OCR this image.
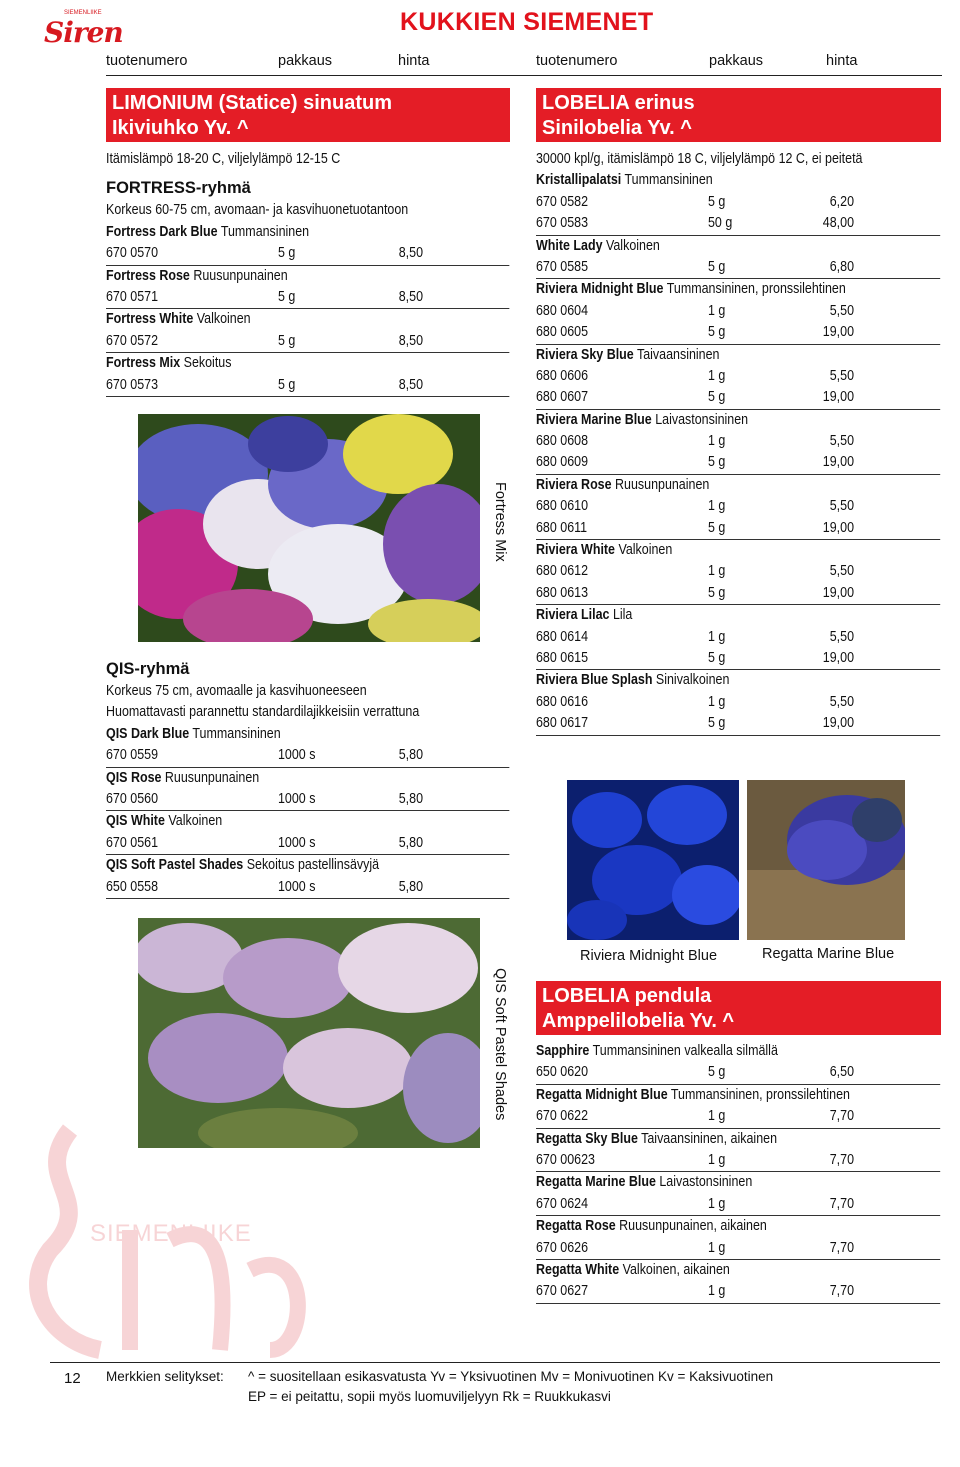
SIEMENLIIKE
Siren	KUKKIEN SIEMENET
tuotenumero	pakkaus	hinta	tuotenumero	pakkaus	hinta
LIMONIUM (Statice) sinuatum
Ikiviuhko Yv. ^
Itämislämpö 18-20 C, viljelylämpö 12-15 C
FORTRESS-ryhmä
Korkeus 60-75 cm, avomaan- ja kasvihuonetuotantoon
Fortress Dark Blue Tummansininen
670 0570	5 g	8,50
Fortress Rose Ruusunpunainen
670 0571	5 g	8,50
Fortress White Valkoinen
670 0572	5 g	8,50
Fortress Mix Sekoitus
670 0573	5 g	8,50
Fortress Mix
QIS-ryhmä
Korkeus 75 cm, avomaalle ja kasvihuoneeseen
Huomattavasti parannettu standardilajikkeisiin verrattuna
QIS Dark Blue Tummansininen
670 0559	1000 s	5,80
QIS Rose Ruusunpunainen
670 0560	1000 s	5,80
QIS White Valkoinen
670 0561	1000 s	5,80
QIS Soft Pastel Shades Sekoitus pastellinsävyjä
650 0558	1000 s	5,80
QIS Soft Pastel Shades
LOBELIA erinus
Sinilobelia Yv. ^
30000 kpl/g, itämislämpö 18 C, viljelylämpö 12 C, ei peitetä
Kristallipalatsi Tummansininen
670 0582	5 g	6,20
670 0583	50 g	48,00
White Lady Valkoinen
670 0585	5 g	6,80
Riviera Midnight Blue Tummansininen, pronssilehtinen
680 0604	1 g	5,50
680 0605	5 g	19,00
Riviera Sky Blue Taivaansininen
680 0606	1 g	5,50
680 0607	5 g	19,00
Riviera Marine Blue Laivastonsininen
680 0608	1 g	5,50
680 0609	5 g	19,00
Riviera Rose Ruusunpunainen
680 0610	1 g	5,50
680 0611	5 g	19,00
Riviera White Valkoinen
680 0612	1 g	5,50
680 0613	5 g	19,00
Riviera Lilac Lila
680 0614	1 g	5,50
680 0615	5 g	19,00
Riviera Blue Splash Sinivalkoinen
680 0616	1 g	5,50
680 0617	5 g	19,00
Riviera Midnight Blue	Regatta Marine Blue
LOBELIA pendula
Amppelilobelia Yv. ^
Sapphire Tummansininen valkealla silmällä
650 0620	5 g	6,50
Regatta Midnight Blue Tummansininen, pronssilehtinen
670 0622	1 g	7,70
Regatta Sky Blue Taivaansininen, aikainen
670 00623	1 g	7,70
Regatta Marine Blue Laivastonsininen
670 0624	1 g	7,70
Regatta Rose Ruusunpunainen, aikainen
670 0626	1 g	7,70
Regatta White Valkoinen, aikainen
670 0627	1 g	7,70
SIEMENLIIKE
12 Merkkien selitykset: ^ = suositellaan esikasvatusta Yv = Yksivuotinen Mv = Monivuotinen Kv = Kaksivuotinen
EP = ei peitattu, sopii myös luomuviljelyyn Rk = Ruukkukasvi
